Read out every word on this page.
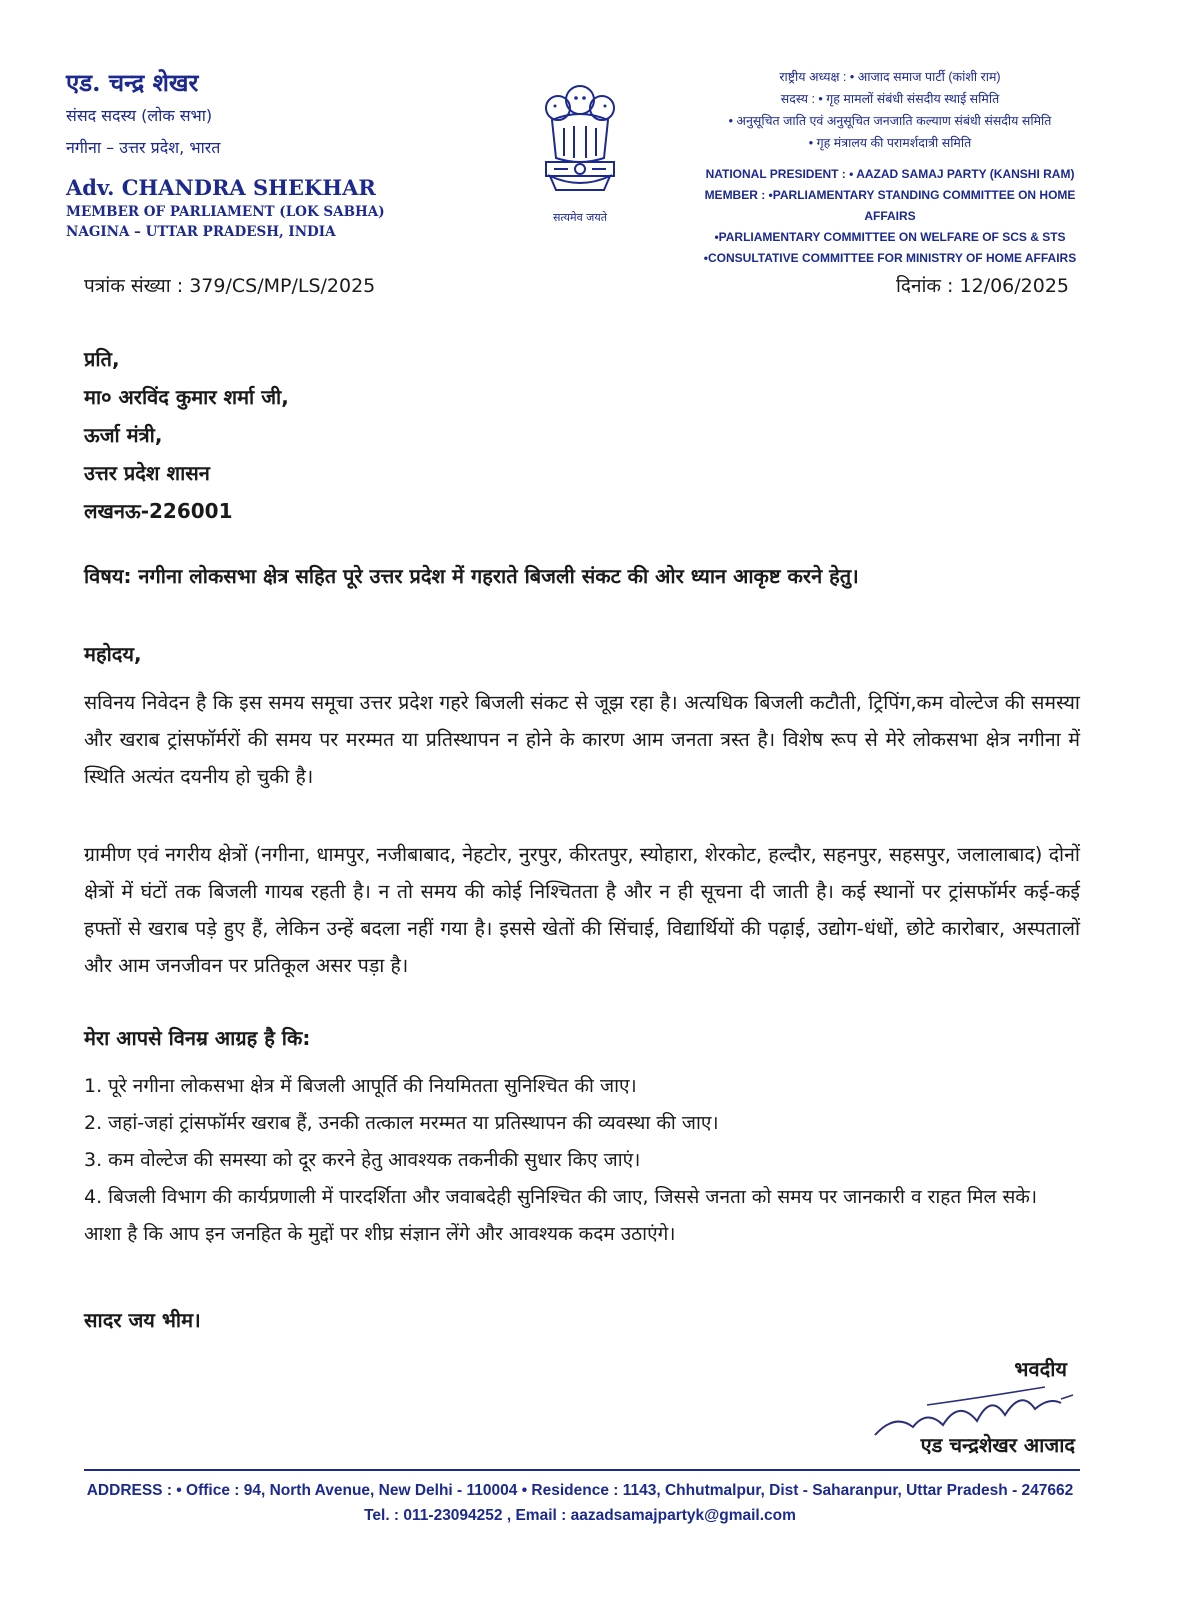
एड. चन्द्र शेखर
संसद सदस्य (लोक सभा)
नगीना – उत्तर प्रदेश, भारत
Adv. CHANDRA SHEKHAR
MEMBER OF PARLIAMENT (LOK SABHA)
NAGINA – UTTAR PRADESH, INDIA
सत्यमेव जयते
राष्ट्रीय अध्यक्ष : • आजाद समाज पार्टी (कांशी राम)
सदस्य : • गृह मामलों संबंधी संसदीय स्थाई समिति
• अनुसूचित जाति एवं अनुसूचित जनजाति कल्याण संबंधी संसदीय समिति
• गृह मंत्रालय की परामर्शदात्री समिति
NATIONAL PRESIDENT : • AAZAD SAMAJ PARTY (KANSHI RAM)
MEMBER : •PARLIAMENTARY STANDING COMMITTEE ON HOME AFFAIRS
•PARLIAMENTARY COMMITTEE ON WELFARE OF SCS & STS
•CONSULTATIVE COMMITTEE FOR MINISTRY OF HOME AFFAIRS
पत्रांक संख्या : 379/CS/MP/LS/2025	दिनांक : 12/06/2025
प्रति,
मा० अरविंद कुमार शर्मा जी,
ऊर्जा मंत्री,
उत्तर प्रदेश शासन
लखनऊ-226001
विषय: नगीना लोकसभा क्षेत्र सहित पूरे उत्तर प्रदेश में गहराते बिजली संकट की ओर ध्यान आकृष्ट करने हेतु।
महोदय,
सविनय निवेदन है कि इस समय समूचा उत्तर प्रदेश गहरे बिजली संकट से जूझ रहा है। अत्यधिक बिजली कटौती, ट्रिपिंग,कम वोल्टेज की समस्या और खराब ट्रांसफॉर्मरों की समय पर मरम्मत या प्रतिस्थापन न होने के कारण आम जनता त्रस्त है। विशेष रूप से मेरे लोकसभा क्षेत्र नगीना में स्थिति अत्यंत दयनीय हो चुकी है।
ग्रामीण एवं नगरीय क्षेत्रों (नगीना, धामपुर, नजीबाबाद, नेहटोर, नुरपुर, कीरतपुर, स्योहारा, शेरकोट, हल्दौर, सहनपुर, सहसपुर, जलालाबाद) दोनों क्षेत्रों में घंटों तक बिजली गायब रहती है। न तो समय की कोई निश्चितता है और न ही सूचना दी जाती है। कई स्थानों पर ट्रांसफॉर्मर कई-कई हफ्तों से खराब पड़े हुए हैं, लेकिन उन्हें बदला नहीं गया है। इससे खेतों की सिंचाई, विद्यार्थियों की पढ़ाई, उद्योग-धंधों, छोटे कारोबार, अस्पतालों और आम जनजीवन पर प्रतिकूल असर पड़ा है।
मेरा आपसे विनम्र आग्रह है कि:
1. पूरे नगीना लोकसभा क्षेत्र में बिजली आपूर्ति की नियमितता सुनिश्चित की जाए।
2. जहां-जहां ट्रांसफॉर्मर खराब हैं, उनकी तत्काल मरम्मत या प्रतिस्थापन की व्यवस्था की जाए।
3. कम वोल्टेज की समस्या को दूर करने हेतु आवश्यक तकनीकी सुधार किए जाएं।
4. बिजली विभाग की कार्यप्रणाली में पारदर्शिता और जवाबदेही सुनिश्चित की जाए, जिससे जनता को समय पर जानकारी व राहत मिल सके।
आशा है कि आप इन जनहित के मुद्दों पर शीघ्र संज्ञान लेंगे और आवश्यक कदम उठाएंगे।
सादर जय भीम।
भवदीय
एड चन्द्रशेखर आजाद
ADDRESS : • Office : 94, North Avenue, New Delhi - 110004 • Residence : 1143, Chhutmalpur, Dist - Saharanpur, Uttar Pradesh - 247662
Tel. : 011-23094252 , Email : aazadsamajpartyk@gmail.com
